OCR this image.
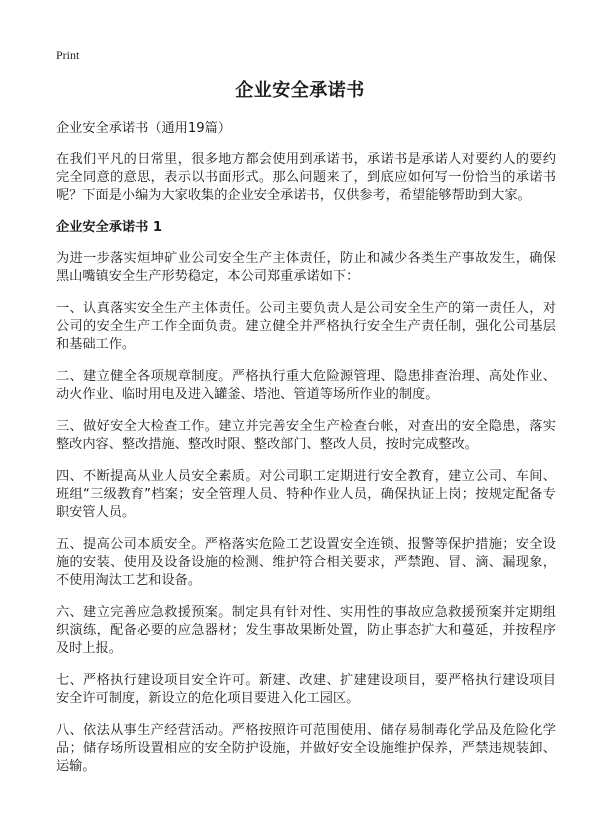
Print
企业安全承诺书

企业安全承诺书（通用19篇）

在我们平凡的日常里，很多地方都会使用到承诺书，承诺书是承诺人对要约人的要约完全同意的意思，表示以书面形式。那么问题来了，到底应如何写一份恰当的承诺书呢？下面是小编为大家收集的企业安全承诺书，仅供参考，希望能够帮助到大家。

企业安全承诺书 1

为进一步落实烜坤矿业公司安全生产主体责任，防止和减少各类生产事故发生，确保黑山嘴镇安全生产形势稳定，本公司郑重承诺如下：

一、认真落实安全生产主体责任。公司主要负责人是公司安全生产的第一责任人，对公司的安全生产工作全面负责。建立健全并严格执行安全生产责任制，强化公司基层和基础工作。

二、建立健全各项规章制度。严格执行重大危险源管理、隐患排查治理、高处作业、动火作业、临时用电及进入罐釜、塔池、管道等场所作业的制度。

三、做好安全大检查工作。建立并完善安全生产检查台帐，对查出的安全隐患，落实整改内容、整改措施、整改时限、整改部门、整改人员，按时完成整改。

四、不断提高从业人员安全素质。对公司职工定期进行安全教育，建立公司、车间、班组“三级教育”档案；安全管理人员、特种作业人员，确保执证上岗；按规定配备专职安管人员。

五、提高公司本质安全。严格落实危险工艺设置安全连锁、报警等保护措施；安全设施的安装、使用及设备设施的检测、维护符合相关要求，严禁跑、冒、滴、漏现象，不使用淘汰工艺和设备。

六、建立完善应急救援预案。制定具有针对性、实用性的事故应急救援预案并定期组织演练，配备必要的应急器材；发生事故果断处置，防止事态扩大和蔓延，并按程序及时上报。

七、严格执行建设项目安全许可。新建、改建、扩建建设项目，要严格执行建设项目安全许可制度，新设立的危化项目要进入化工园区。

八、依法从事生产经营活动。严格按照许可范围使用、储存易制毒化学品及危险化学品；储存场所设置相应的安全防护设施，并做好安全设施维护保养，严禁违规装卸、运输。
